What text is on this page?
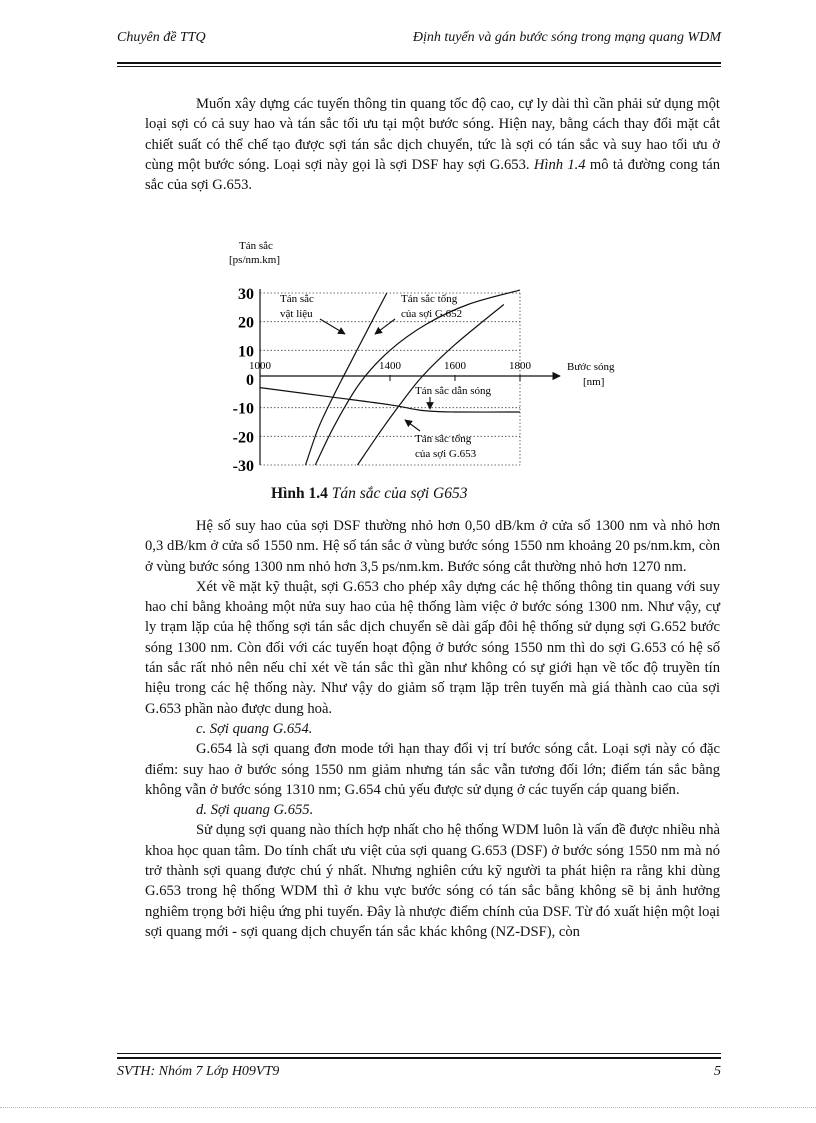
Chuyên đề TTQ	Định tuyến và gán bước sóng trong mạng quang WDM

Muốn xây dựng các tuyến thông tin quang tốc độ cao, cự ly dài thì cần phải sử dụng một loại sợi có cả suy hao và tán sắc tối ưu tại một bước sóng. Hiện nay, bằng cách thay đổi mặt cắt chiết suất có thể chế tạo được sợi tán sắc dịch chuyển, tức là sợi có tán sắc và suy hao tối ưu ở cùng một bước sóng. Loại sợi này gọi là sợi DSF hay sợi G.653. Hình 1.4 mô tả đường cong tán sắc của sợi G.653.

Tán sắc
[ps/nm.km]
Bước sóng
[nm]
30
20
10
0
-10
-20
-30
1000	1400	1600	1800
Tán sắc
vật liệu
Tán sắc tổng
của sợi G.652
Tán sắc dẫn sóng
Tán sắc tổng
của sợi G.653
Hình 1.4 Tán sắc của sợi G653

Hệ số suy hao của sợi DSF thường nhỏ hơn 0,50 dB/km ở cửa sổ 1300 nm và nhỏ hơn 0,3 dB/km ở cửa sổ 1550 nm. Hệ số tán sắc ở vùng bước sóng 1550 nm khoảng 20 ps/nm.km, còn ở vùng bước sóng 1300 nm nhỏ hơn 3,5 ps/nm.km. Bước sóng cắt thường nhỏ hơn 1270 nm.

Xét về mặt kỹ thuật, sợi G.653 cho phép xây dựng các hệ thống thông tin quang với suy hao chỉ bằng khoảng một nửa suy hao của hệ thống làm việc ở bước sóng 1300 nm. Như vậy, cự ly trạm lặp của hệ thống sợi tán sắc dịch chuyển sẽ dài gấp đôi hệ thống sử dụng sợi G.652 bước sóng 1300 nm. Còn đối với các tuyến hoạt động ở bước sóng 1550 nm thì do sợi G.653 có hệ số tán sắc rất nhỏ nên nếu chỉ xét về tán sắc thì gần như không có sự giới hạn về tốc độ truyền tín hiệu trong các hệ thống này. Như vậy do giảm số trạm lặp trên tuyến mà giá thành cao của sợi G.653 phần nào được dung hoà.

c. Sợi quang G.654.

G.654 là sợi quang đơn mode tới hạn thay đổi vị trí bước sóng cắt. Loại sợi này có đặc điểm: suy hao ở bước sóng 1550 nm giảm nhưng tán sắc vẫn tương đối lớn; điểm tán sắc bằng không vẫn ở bước sóng 1310 nm; G.654 chủ yếu được sử dụng ở các tuyến cáp quang biển.

d. Sợi quang G.655.

Sử dụng sợi quang nào thích hợp nhất cho hệ thống WDM luôn là vấn đề được nhiều nhà khoa học quan tâm. Do tính chất ưu việt của sợi quang G.653 (DSF) ở bước sóng 1550 nm mà nó trở thành sợi quang được chú ý nhất. Nhưng nghiên cứu kỹ người ta phát hiện ra rằng khi dùng G.653 trong hệ thống WDM thì ở khu vực bước sóng có tán sắc bằng không sẽ bị ảnh hưởng nghiêm trọng bởi hiệu ứng phi tuyến. Đây là nhược điểm chính của DSF. Từ đó xuất hiện một loại sợi quang mới - sợi quang dịch chuyển tán sắc khác không (NZ-DSF), còn

SVTH: Nhóm 7 Lớp H09VT9	5
